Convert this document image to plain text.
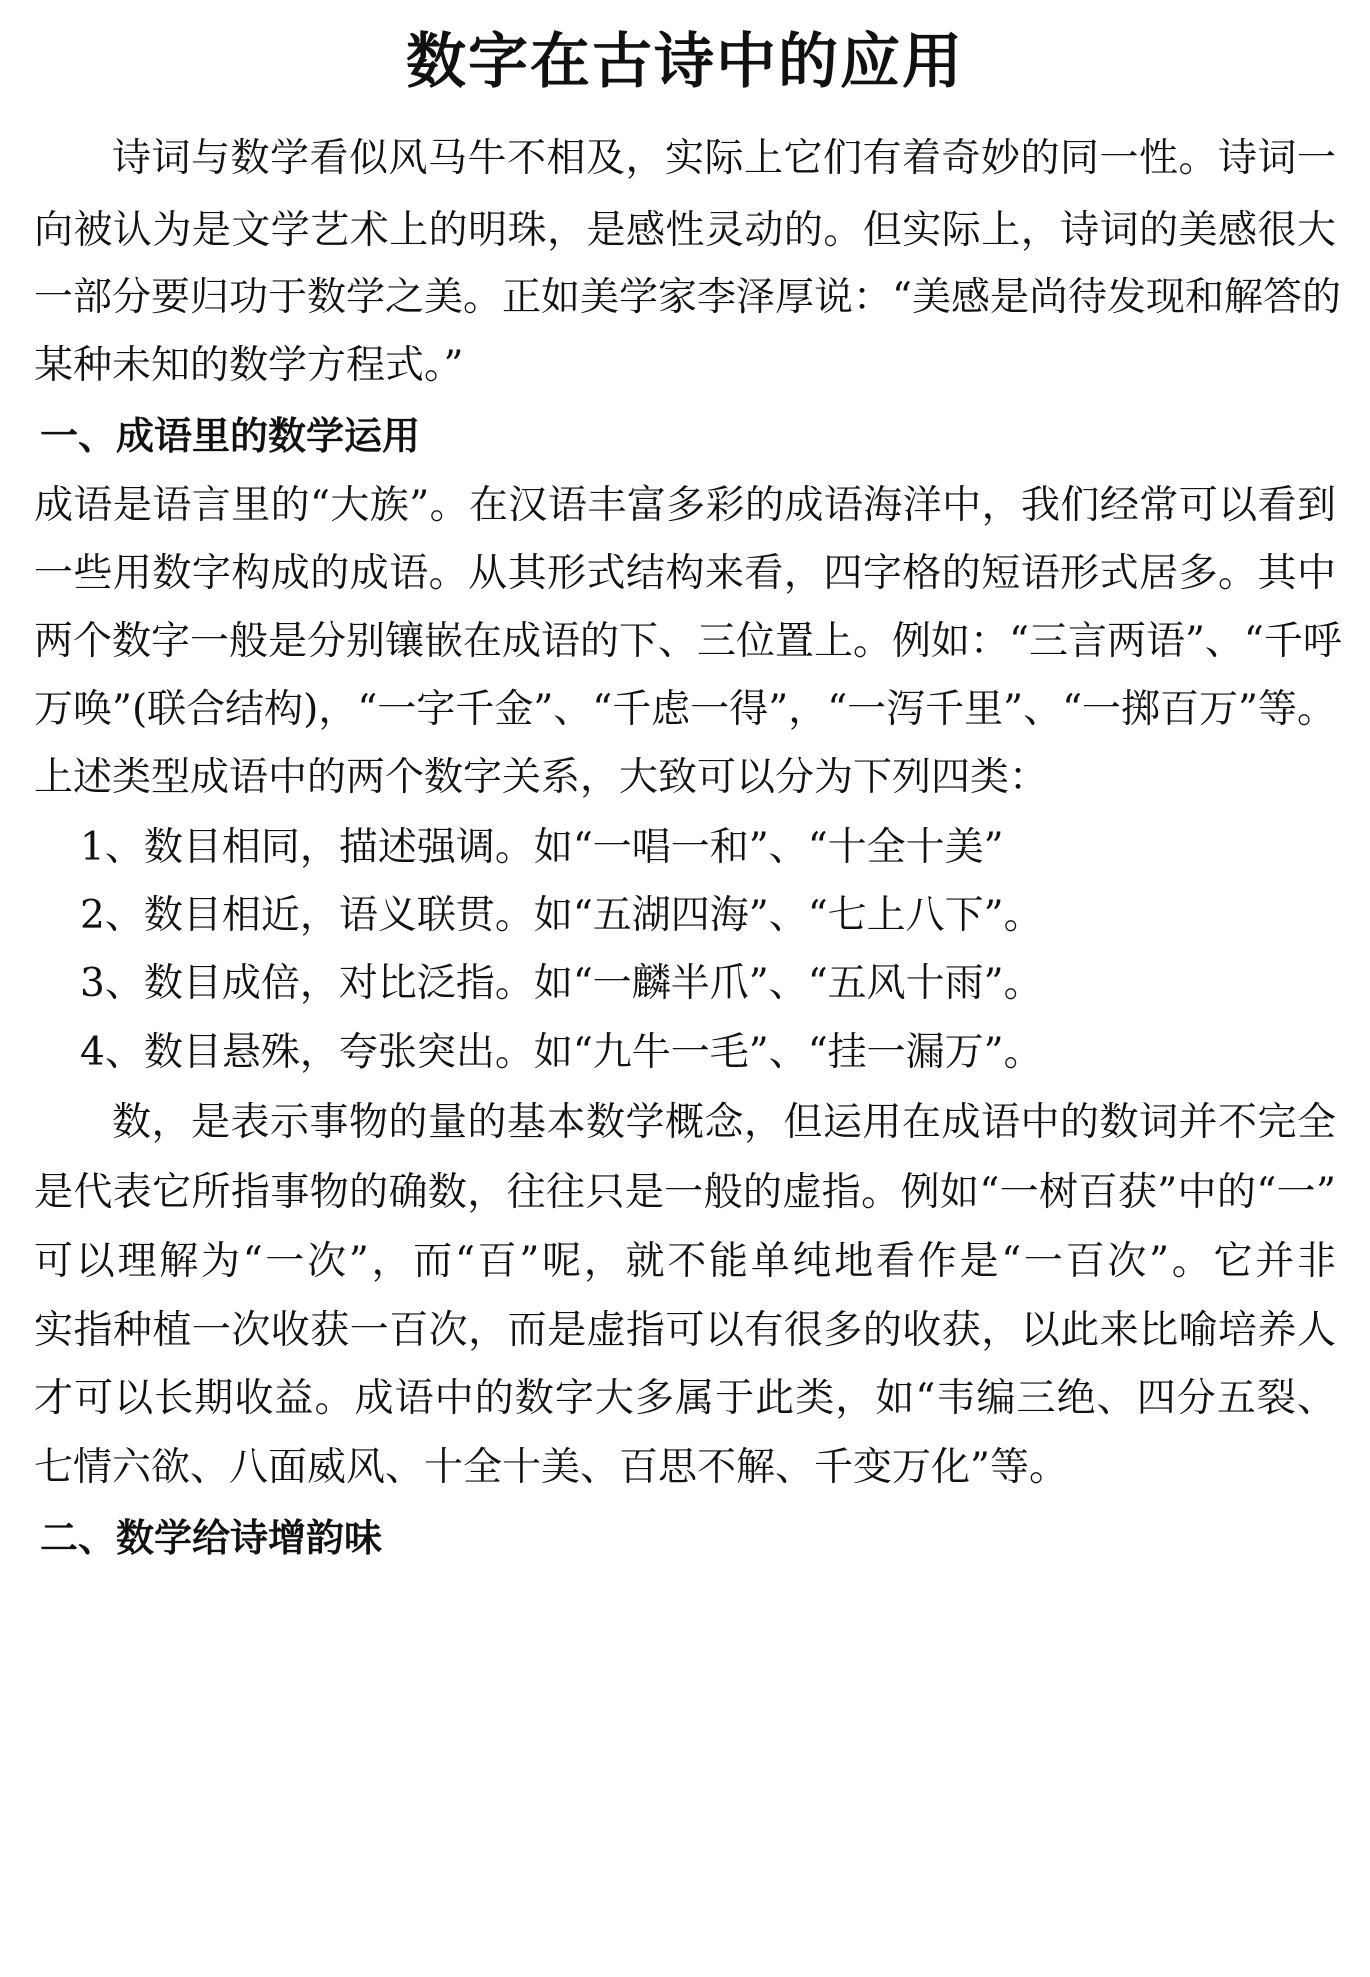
数字在古诗中的应用
诗词与数学看似风马牛不相及，实际上它们有着奇妙的同一性。诗词一
向被认为是文学艺术上的明珠，是感性灵动的。但实际上，诗词的美感很大
一部分要归功于数学之美。正如美学家李泽厚说：“美感是尚待发现和解答的
某种未知的数学方程式。”
一、成语里的数学运用
成语是语言里的“大族”。在汉语丰富多彩的成语海洋中，我们经常可以看到
一些用数字构成的成语。从其形式结构来看，四字格的短语形式居多。其中
两个数字一般是分别镶嵌在成语的下、三位置上。例如：“三言两语”、“千呼
万唤”(联合结构)，“一字千金”、“千虑一得”，“一泻千里”、“一掷百万”等。
上述类型成语中的两个数字关系，大致可以分为下列四类：
1、数目相同，描述强调。如“一唱一和”、“十全十美”
2、数目相近，语义联贯。如“五湖四海”、“七上八下”。
3、数目成倍，对比泛指。如“一麟半爪”、“五风十雨”。
4、数目悬殊，夸张突出。如“九牛一毛”、“挂一漏万”。
数，是表示事物的量的基本数学概念，但运用在成语中的数词并不完全
是代表它所指事物的确数，往往只是一般的虚指。例如“一树百获”中的“一”
可以理解为“一次”，而“百”呢，就不能单纯地看作是“一百次”。它并非
实指种植一次收获一百次，而是虚指可以有很多的收获，以此来比喻培养人
才可以长期收益。成语中的数字大多属于此类，如“韦编三绝、四分五裂、
七情六欲、八面威风、十全十美、百思不解、千变万化”等。
二、数学给诗增韵味
